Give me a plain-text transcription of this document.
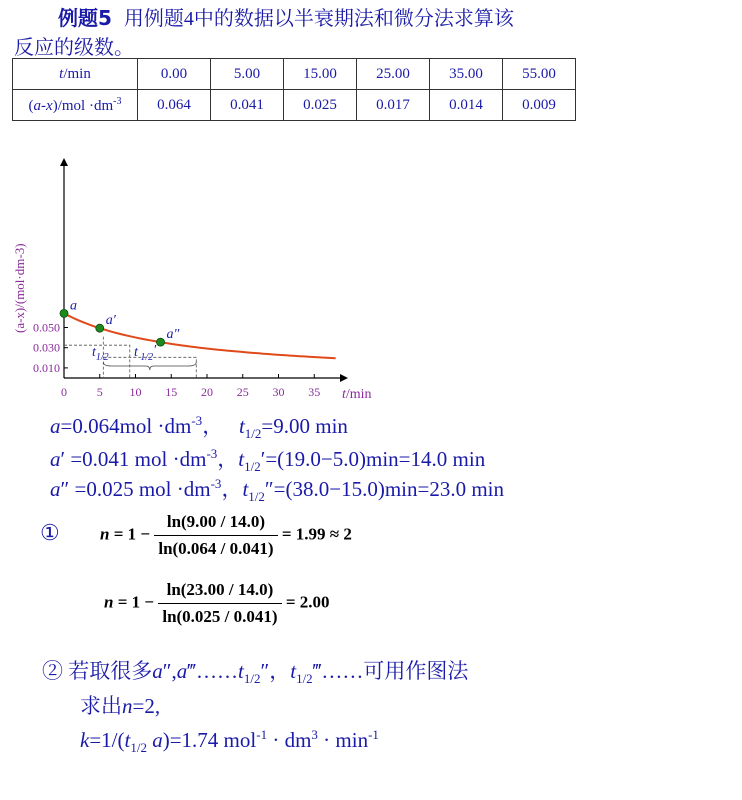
例题5 用例题4中的数据以半衰期法和微分法求算该
反应的级数。
t/min	0.00	5.00	15.00	25.00	35.00	55.00
$(a-x)/mol \cdot dm^{-3}$	0.064	0.041	0.025	0.017	0.014	0.009
0 5 10 15 20 25 30 35 t/min
0.010
0.030
0.050
(a-x)/(mol·dm-3)	a
a′
a″
$t_{1/2}$ t $_{1/2}$′
$a=0.064mol \cdot dm^{-3}$，   $t_{1/2}=9.00$ min
a′ =0.041 mol $\cdot dm^{-3}$，$t_{1/2}'=(19.0-5.0)\min=14.0$ min
a″ =0.025 mol $\cdot dm^{-3}$，$t_{1/2}''=(38.0-15.0)\min=23.0$ min
① $n = 1 - \frac{\ln(9.00 / 14.0)}{\ln(0.064 / 0.041)} = 1.99 \approx 2$
$n = 1 - \frac{\ln(23.00 / 14.0)}{\ln(0.025 / 0.041)} = 2.00$
② 若取很多$a'',a‴\dots\dots t_{1/2}''$，$t_{1/2}‴\dots\dots$可用作图法
求出n=2,
$k=1/(t_{1/2}$ a)=1.74 $mol^{-1} \cdot dm^3 \cdot \min^{-1}$
